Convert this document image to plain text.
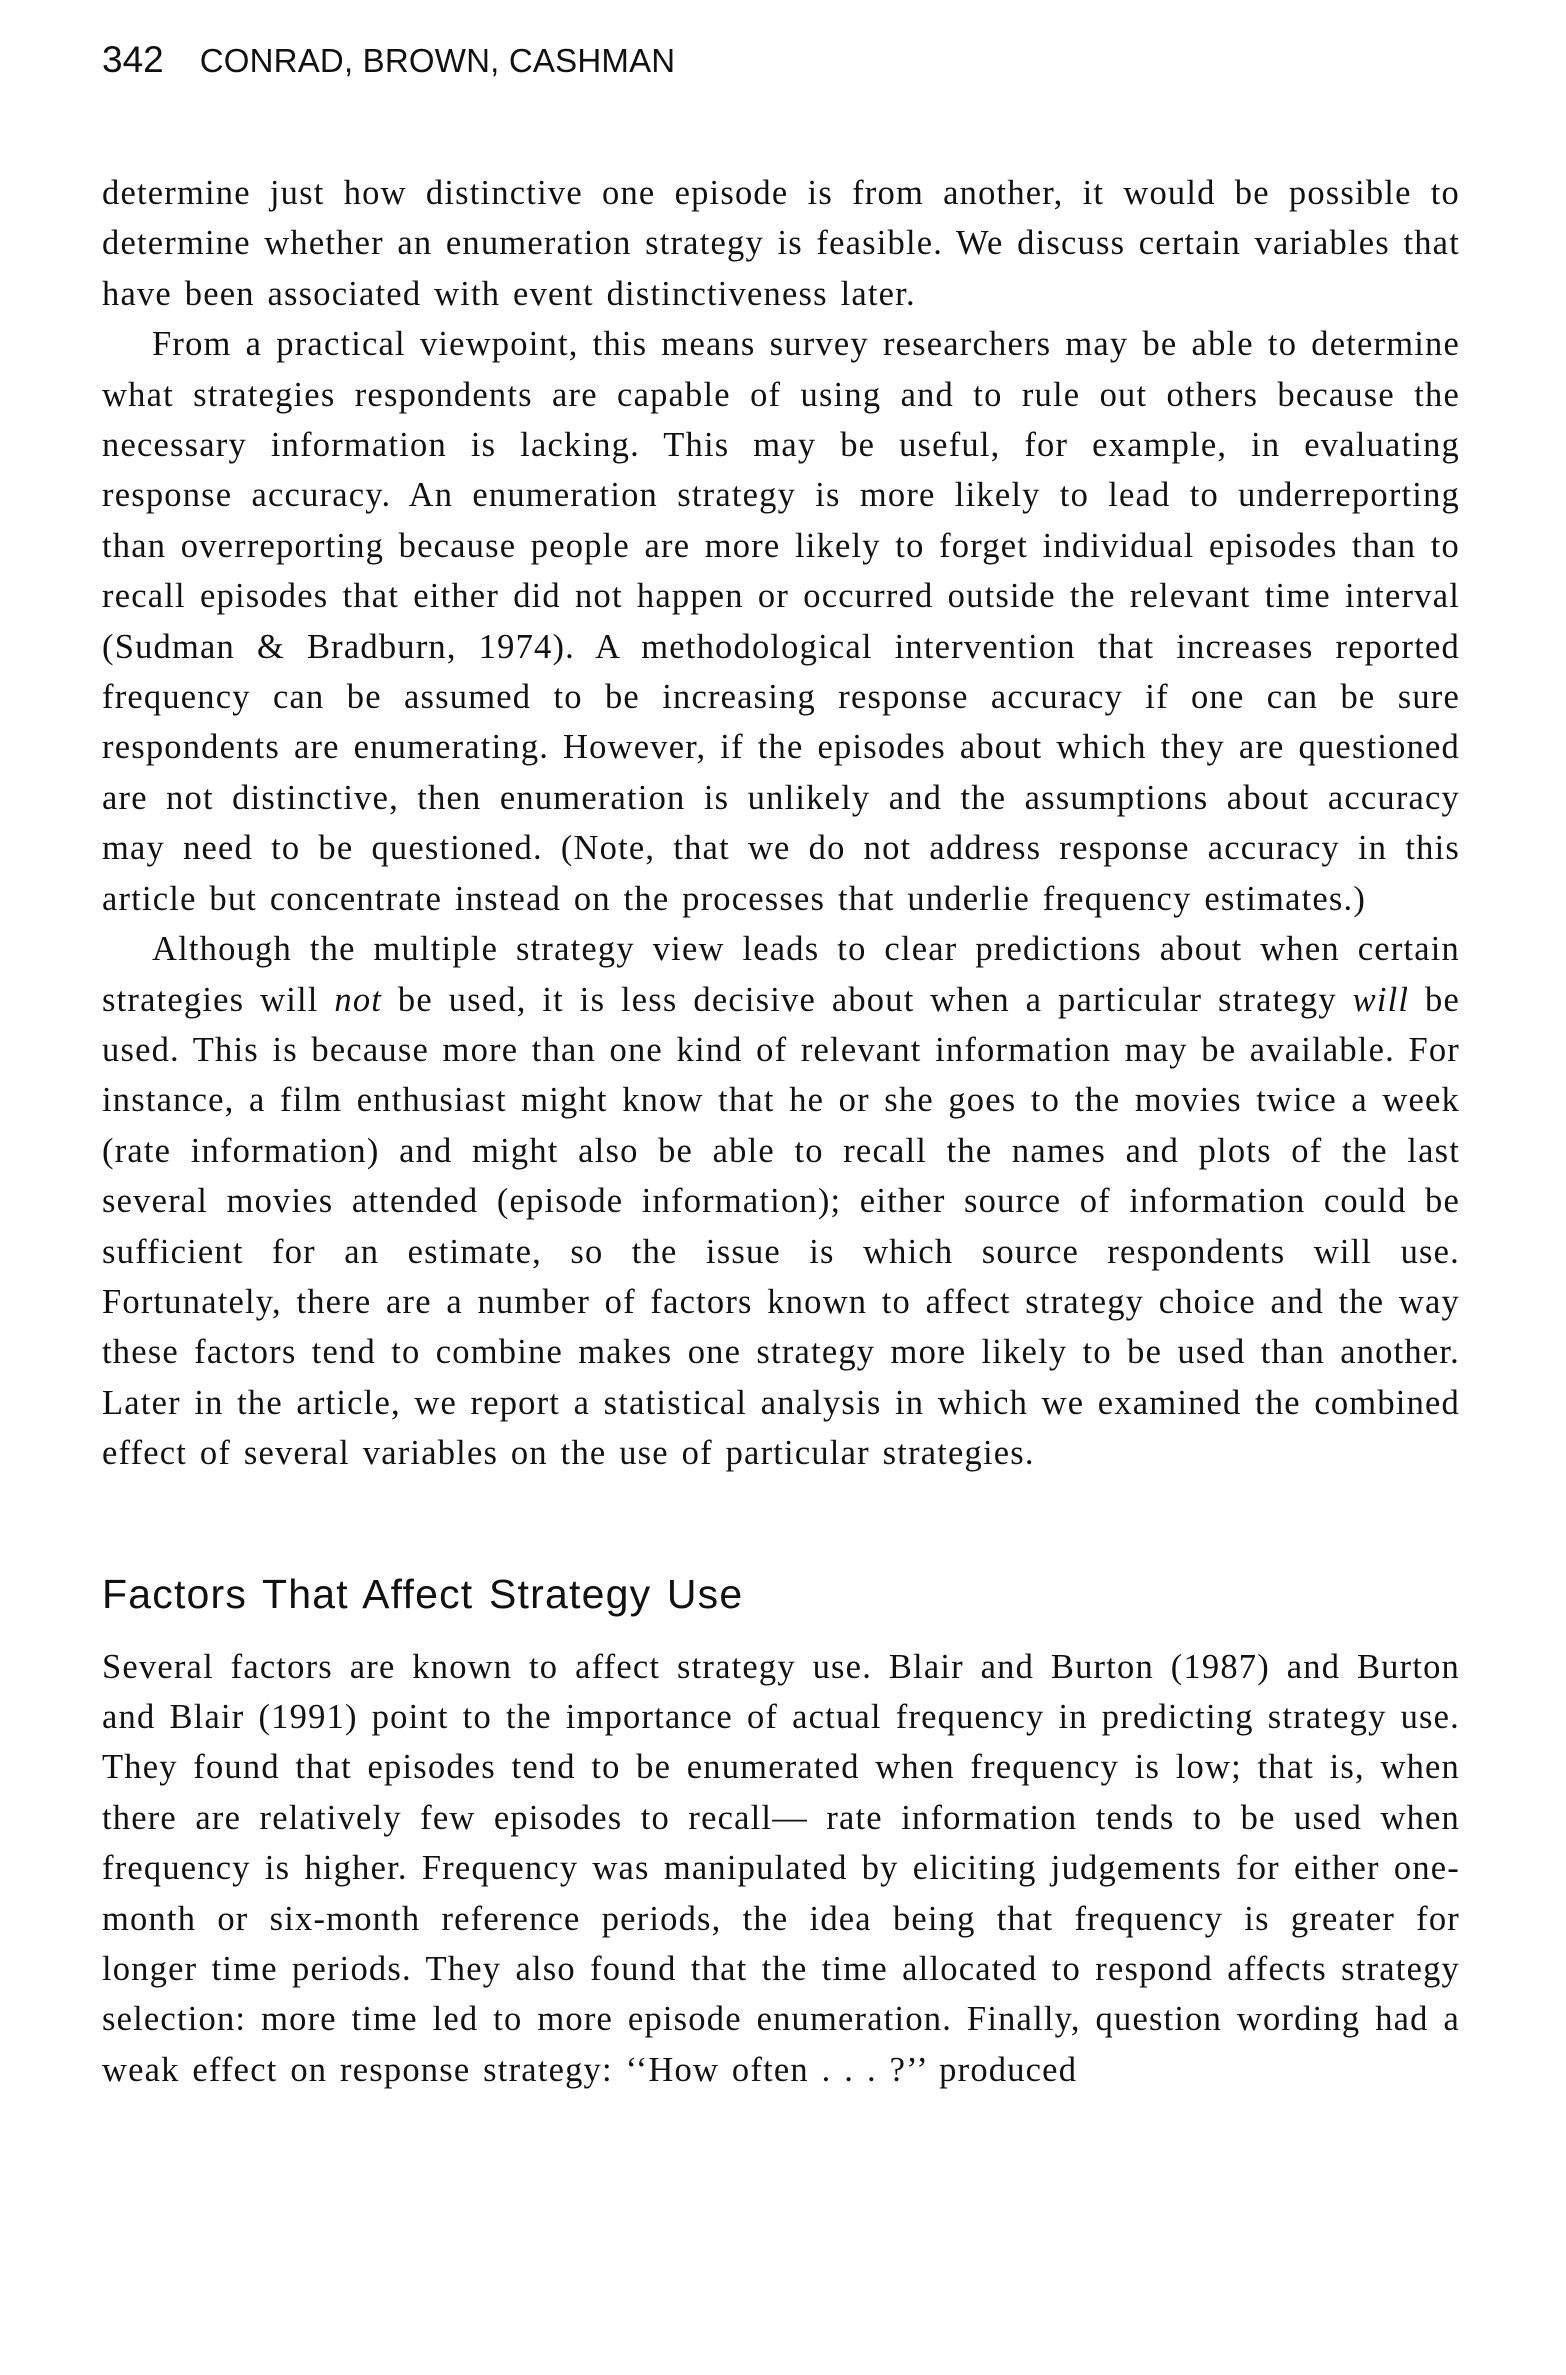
342 CONRAD, BROWN, CASHMAN

determine just how distinctive one episode is from another, it would be possible to determine whether an enumeration strategy is feasible. We discuss certain variables that have been associated with event distinctiveness later.

From a practical viewpoint, this means survey researchers may be able to determine what strategies respondents are capable of using and to rule out others because the necessary information is lacking. This may be useful, for example, in evaluating response accuracy. An enumeration strategy is more likely to lead to underreporting than overreporting because people are more likely to forget individual episodes than to recall episodes that either did not happen or occurred outside the relevant time interval (Sudman & Bradburn, 1974). A methodological intervention that increases reported frequency can be assumed to be increasing response accuracy if one can be sure respondents are enumerating. However, if the episodes about which they are questioned are not distinctive, then enumeration is unlikely and the assumptions about accuracy may need to be questioned. (Note, that we do not address response accuracy in this article but concentrate instead on the processes that underlie frequency estimates.)

Although the multiple strategy view leads to clear predictions about when certain strategies will not be used, it is less decisive about when a particular strategy will be used. This is because more than one kind of relevant information may be available. For instance, a film enthusiast might know that he or she goes to the movies twice a week (rate information) and might also be able to recall the names and plots of the last several movies attended (episode information); either source of information could be sufficient for an estimate, so the issue is which source respondents will use. Fortunately, there are a number of factors known to affect strategy choice and the way these factors tend to combine makes one strategy more likely to be used than another. Later in the article, we report a statistical analysis in which we examined the combined effect of several variables on the use of particular strategies.

Factors That Affect Strategy Use

Several factors are known to affect strategy use. Blair and Burton (1987) and Burton and Blair (1991) point to the importance of actual frequency in predicting strategy use. They found that episodes tend to be enumerated when frequency is low; that is, when there are relatively few episodes to recall— rate information tends to be used when frequency is higher. Frequency was manipulated by eliciting judgements for either one-month or six-month reference periods, the idea being that frequency is greater for longer time periods. They also found that the time allocated to respond affects strategy selection: more time led to more episode enumeration. Finally, question wording had a weak effect on response strategy: ‘‘How often . . . ?’’ produced
